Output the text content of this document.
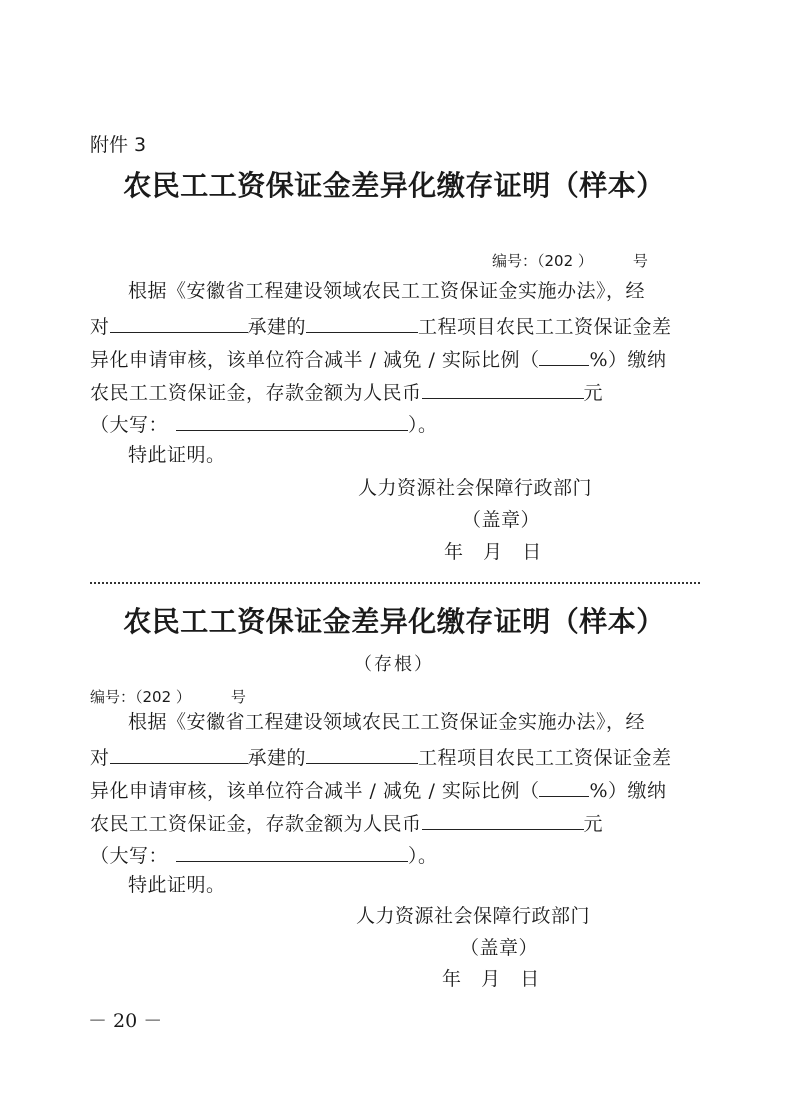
附件 3
农民工工资保证金差异化缴存证明（样本）
编号：（202 ）	号
根据《安徽省工程建设领域农民工工资保证金实施办法》，经
对	承建的	工程项目农民工工资保证金差
异化申请审核，该单位符合减半 / 减免 / 实际比例（	%）缴纳
农民工工资保证金，存款金额为人民币	元
（大写：	）。
特此证明。
人力资源社会保障行政部门
（盖章）
年   月   日
农民工工资保证金差异化缴存证明（样本）
（存根）
编号：（202 ）	号
根据《安徽省工程建设领域农民工工资保证金实施办法》，经
对	承建的	工程项目农民工工资保证金差
异化申请审核，该单位符合减半 / 减免 / 实际比例（	%）缴纳
农民工工资保证金，存款金额为人民币	元
（大写：	）。
特此证明。
人力资源社会保障行政部门
（盖章）
年   月   日
－ 20 －
